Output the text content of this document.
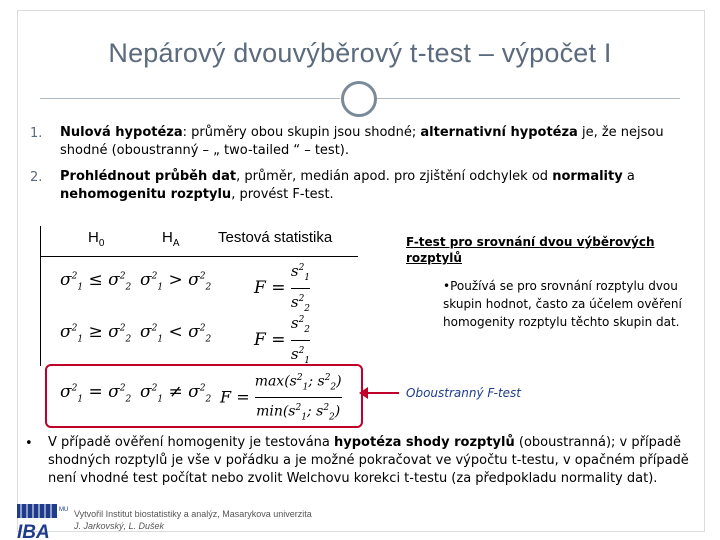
Nepárový dvouvýběrový t-test – výpočet I
1. Nulová hypotéza: průměry obou skupin jsou shodné; alternativní hypotéza je, že nejsou shodné (oboustranný – „ two-tailed “ – test).
2. Prohlédnout průběh dat, průměr, medián apod. pro zjištění odchylek od normality a nehomogenitu rozptylu, provést F-test.
$H_0$	$H_A$	Testová statistika
$\sigma^2_1 \le \sigma^2_2$ $\sigma^2_1 > \sigma^2_2$	$F = \frac{s^2_1}{s^2_2}$
$\sigma^2_1 \ge \sigma^2_2$ $\sigma^2_1 < \sigma^2_2$	$F = \frac{s^2_2}{s^2_1}$
$\sigma^2_1 = \sigma^2_2$ $\sigma^2_1 \ne \sigma^2_2$ $F = \frac{\max(s^2_1; s^2_2)}{\min(s^2_1; s^2_2)}$
F-test pro srovnání dvou výběrových rozptylů
•Používá se pro srovnání rozptylu dvou skupin hodnot, často za účelem ověření homogenity rozptylu těchto skupin dat.
Oboustranný F-test
• V případě ověření homogenity je testována hypotéza shody rozptylů (oboustranná); v případě shodných rozptylů je vše v pořádku a je možné pokračovat ve výpočtu t-testu, v opačném případě není vhodné test počítat nebo zvolit Welchovu korekci t-testu (za předpokladu normality dat).
MU
IBA
Vytvořil Institut biostatistiky a analýz, Masarykova univerzita
J. Jarkovský, L. Dušek
